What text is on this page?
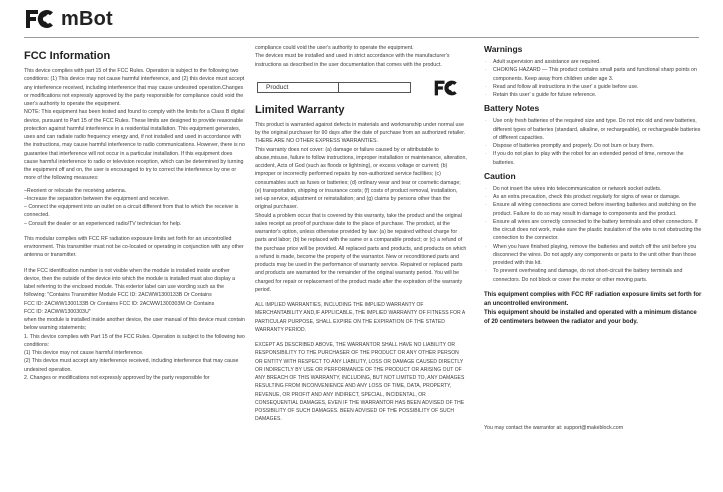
mBot
FCC Information

This device complies with part 15 of the FCC Rules. Operation is subject to the following two conditions: (1) This device may not cause harmful interference, and (2) this device must accept any interference received, including interference that may cause undesired operation.Changes or modifications not expressly approved by the party responsible for compliance could void the user's authority to operate the equipment.

NOTE: This equipment has been tested and found to comply with the limits for a Class B digital device, pursuant to Part 15 of the FCC Rules. These limits are designed to provide reasonable protection against harmful interference in a residential installation. This equipment generates, uses and can radiate radio frequency energy and, if not installed and used in accordance with the instructions, may cause harmful interference to radio communications. However, there is no guarantee that interference will not occur in a particular installation. If this equipment does cause harmful interference to radio or television reception, which can be determined by turning the equipment off and on, the user is encouraged to try to correct the interference by one or more of the following measures:

–Reorient or relocate the receiving antenna.

–Increase the separation between the equipment and receiver.

– Connect the equipment into an outlet on a circuit different from that to which the receiver is connected.

– Consult the dealer or an experienced radio/TV technician for help.

This modular complies with FCC RF radiation exposure limits set forth for an uncontrolled environment. This transmitter must not be co-located or operating in conjunction with any other antenna or transmitter.

If the FCC identification number is not visible when the module is installed inside another device, then the outside of the device into which the module is installed must also display a label referring to the enclosed module. This exterior label can use wording such as the following: "Contains Transmitter Module FCC ID: 2ACWW1300133B Or Contains

FCC ID: 2ACWW1300133B Or Contains FCC ID: 2ACWW1300303M Or Contains

FCC ID: 2ACWW1300303U"

when the module is installed inside another device, the user manual of this device must contain below warning statements;

1. This device complies with Part 15 of the FCC Rules. Operation is subject to the following two

conditions:

(1) This device may not cause harmful interference.

(2) This device must accept any interference received, including interference that may cause undesired operation.

2. Changes or modifications not expressly approved by the party responsible for

compliance could void the user's authority to operate the equipment.

The devices must be installed and used in strict accordance with the manufacturer's instructions as described in the user documentation that comes with the product.

Product
Limited Warranty

This product is warranted against defects in materials and workmanship under normal use by the original purchaser for 90 days after the date of purchase from an authorized retailer.

THERE ARE NO OTHER EXPRESS WARRANTIES.

This warranty does not cover: (a) damage or failure caused by or attributable to abuse,misuse, failure to follow instructions, improper installation or maintenance, alteration, accident, Acts of God (such as floods or lightning), or excess voltage or current; (b) improper or incorrectly performed repairs by non-authorized service facilities; (c) consumables such as fuses or batteries; (d) ordinary wear and tear or cosmetic damage; (e) transportation, shipping or insurance costs; (f) costs of product removal, installation, set-up service, adjustment or reinstallation; and (g) claims by persons other than the original purchaser.

Should a problem occur that is covered by this warranty, take the product and the original sales receipt as proof of purchase date to the place of purchase. The product, at the warrantor's option, unless otherwise provided by law: (a) be repaired without charge for parts and labor; (b) be replaced with the same or a comparable product; or (c) a refund of the purchase price will be provided. All replaced parts and products, and products on which a refund is made, become the property of the warrantor. New or reconditioned parts and products may be used in the performance of warranty service. Repaired or replaced parts and products are warranted for the remainder of the original warranty period. You will be charged for repair or replacement of the product made after the expiration of the warranty period.

ALL IMPLIED WARRANTIES, INCLUDING THE IMPLIED WARRANTY OF MERCHANTABILITY AND,IF APPLICABLE, THE IMPLIED WARRANTY OF FITNESS FOR A PARTICULAR PURPOSE, SHALL EXPIRE ON THE EXPIRATION OF THE STATED WARRANTY PERIOD.

EXCEPT AS DESCRIBED ABOVE, THE WARRANTOR SHALL HAVE NO LIABILITY OR RESPONSIBILITY TO THE PURCHASER OF THE PRODUCT OR ANY OTHER PERSON OR ENTITY WITH RESPECT TO ANY LIABILITY, LOSS OR DAMAGE CAUSED DIRECTLY OR INDIRECTLY BY USE OR PERFORMANCE OF THE PRODUCT OR ARISING OUT OF ANY BREACH OF THIS WARRANTY, INCLUDING, BUT NOT LIMITED TO, ANY DAMAGES RESULTING FROM INCONVENIENCE AND ANY LOSS OF TIME, DATA, PROPERTY, REVENUE, OR PROFIT AND ANY INDIRECT, SPECIAL, INCIDENTAL, OR CONSEQUENTIAL DAMAGES, EVEN IF THE WARRANTOR HAS BEEN ADVISED OF THE POSSIBILITY OF SUCH DAMAGES. BEEN ADVISED OF THE POSSIBILITY OF SUCH DAMAGES.

Warnings
·	Adult supervision and assistance are required.
·	CHOKING HAZARD — This product contains small parts and functional sharp points on components. Keep away from children under age 3.
·	Read and follow all instructions in the user' s guide before use.
·	Retain this user' s guide for future reference.
Battery Notes
·	Use only fresh batteries of the required size and type. Do not mix old and new batteries, different types of batteries (standard, alkaline, or rechargeable), or rechargeable batteries of different capacities.
·	Dispose of batteries promptly and properly. Do not burn or bury them.
·	If you do not plan to play with the robot for an extended period of time, remove the batteries.
Caution
·	Do not insert the wires into telecommunication or network socket outlets.
·	As an extra precaution, check this product regularly for signs of wear or damage.
·	Ensure all wiring connections are correct before inserting batteries and switching on the product. Failure to do so may result in damage to components and the product.
·	Ensure all wires are correctly connected to the battery terminals and other connectors. If the circuit does not work, make sure the plastic insulation of the wire is not obstructing the connection to the connector.
·	When you have finished playing, remove the batteries and switch off the unit before you disconnect the wires. Do not apply any components or parts to the unit other than those provided with this kit.
·	To prevent overheating and damage, do not short-circuit the battery terminals and connectors. Do not block or cover the motor or other moving parts.

This equipment complies with FCC RF radiation exposure limits set forth for an uncontrolled environment.

This equipment should be installed and operated with a minimum distance of 20 centimeters between the radiator and your body.

You may contact the warrantor at: support@makeblock.com
